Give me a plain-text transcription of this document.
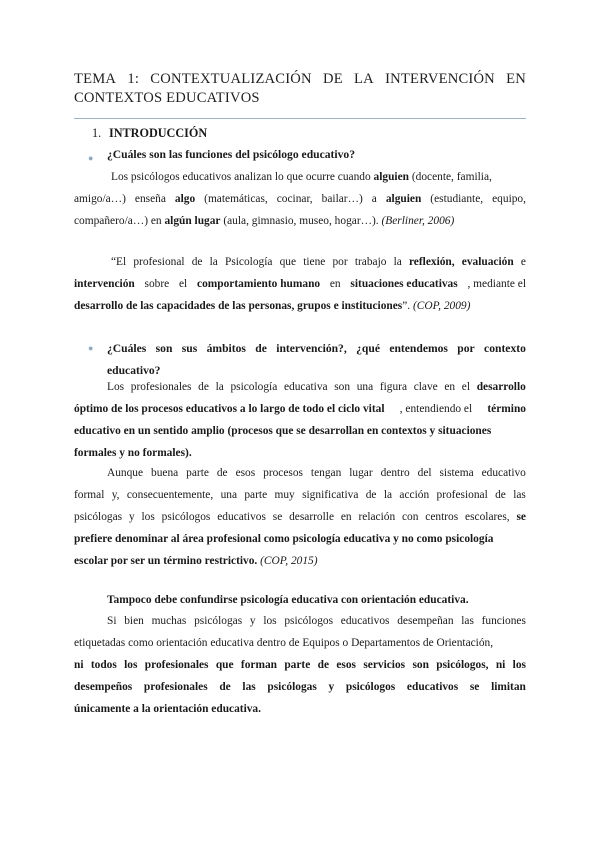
TEMA 1: CONTEXTUALIZACIÓN DE LA INTERVENCIÓN EN
CONTEXTOS EDUCATIVOS
1. INTRODUCCIÓN
● ¿Cuáles son las funciones del psicólogo educativo?
Los psicólogos educativos analizan lo que ocurre cuando alguien (docente, familia,
amigo/a…) enseña algo (matemáticas, cocinar, bailar…) a alguien (estudiante, equipo,
compañero/a…) en algún lugar (aula, gimnasio, museo, hogar…). (Berliner, 2006)
“El profesional de la Psicología que tiene por trabajo la reflexión, evaluación e
intervención sobre el comportamiento humano en situaciones educativas , mediante el
desarrollo de las capacidades de las personas, grupos e instituciones”. (COP, 2009)
● ¿Cuáles son sus ámbitos de intervención?, ¿qué entendemos por contexto
educativo?
Los profesionales de la psicología educativa son una figura clave en el desarrollo
óptimo de los procesos educativos a lo largo de todo el ciclo vital , entendiendo el término
educativo en un sentido amplio (procesos que se desarrollan en contextos y situaciones
formales y no formales).
Aunque buena parte de esos procesos tengan lugar dentro del sistema educativo
formal y, consecuentemente, una parte muy significativa de la acción profesional de las
psicólogas y los psicólogos educativos se desarrolle en relación con centros escolares, se
prefiere denominar al área profesional como psicología educativa y no como psicología
escolar por ser un término restrictivo. (COP, 2015)
Tampoco debe confundirse psicología educativa con orientación educativa.
Si bien muchas psicólogas y los psicólogos educativos desempeñan las funciones
etiquetadas como orientación educativa dentro de Equipos o Departamentos de Orientación,
ni todos los profesionales que forman parte de esos servicios son psicólogos, ni los
desempeños profesionales de las psicólogas y psicólogos educativos se limitan
únicamente a la orientación educativa.
